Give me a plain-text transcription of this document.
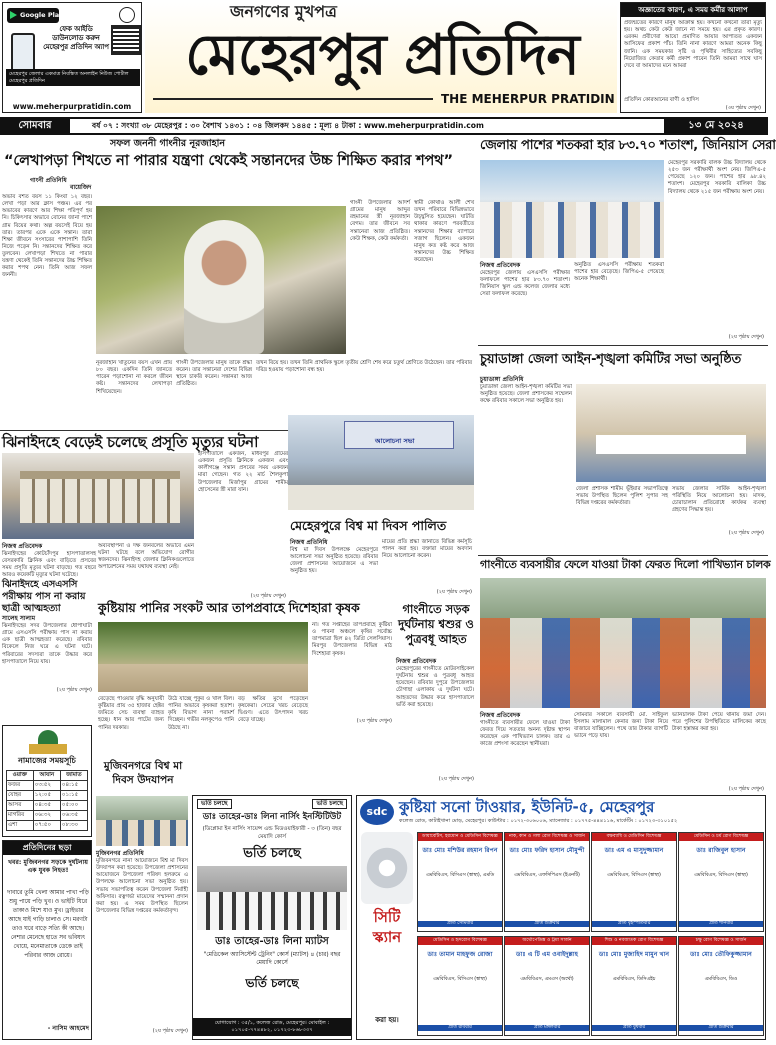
Google Play
ফেক আইডি ডাউনলোড করুন মেহেরপুর প্রতিদিন অ্যাপ
মেহেরপুর জেলার একমাত্র নিবন্ধিত অনলাইন নিউজ পোর্টাল মেহেরপুর প্রতিদিন
www.meherpurpratidin.com
জনগণের মুখপত্র
মেহেরপুর প্রতিদিন
THE MEHERPUR PRATIDIN
অজ্ঞাতের কারণ, এ সময় কর্মীর আলাপ
প্রজন্মতের কারণে মানুষ আক্রান্ত হয়। কখনো কখনো তারা মৃত্যু হয়। অথচ কেউ কেউ জানে না সময়ে হয়। এর প্রকৃত কারণ। এরকম প্রবীণেরা আয়ো প্রমাণিত আয়ার আপাতত একজন আসিফের প্রকাশ পাঁচ। তিনি নানা কারণে আমরা অনেক কিছু জানি। এক সময়কার সৃষ্টি ও পৃথিবীর সাহিত্যের সবকিছু নিয়োজিত কেতাব কর্মী প্রকাশ পাবেন তিনি আমরা সাথে ঘাস দেবে বা আমাদের মনে আমরা
প্রতিদিন কোরআনের বাণী ও হাদিস
(৩য় পৃষ্ঠায় দেখুন)
সোমবার	বর্ষ ০৭ : সংখ্যা ৩৮ মেহেরপুর : ৩০ বৈশাখ ১৪৩১ : ০৪ জিলকদ ১৪৪৫ : মূল্য ৪ টাকা : www.meherpurpratidin.com	১৩ মে ২০২৪
সফল জননী গাংনীর নূরজাহান
“লেখাপড়া শিখতে না পারার যন্ত্রণা থেকেই সন্তানদের উচ্চ শিক্ষিত করার শপথ”
গাংনী প্রতিনিধি
বায়েজিদ
অভাব বশত বয়স ১১ কিংবা ১২ বছর। লেখা পড়া আর ক্লাস পঞ্চম। এর পর অভাবের কারণে আর শিক্ষা পরিপূর্ণ হয় নি। চিকিৎসার অভাবে বোনের জানা পাশে গ্রাম বিয়ের কথা। অল্প বয়সেই বিয়ে হয় তার। তারপর একে একে সন্তান। তারা শিক্ষা জীবনে সংসারের পাশাপাশি তিনি নিজে পড়েন নি। সন্তানদের শিক্ষিত করে তুলবেন। লেখাপড়া শিখতে না পারার যন্ত্রণা থেকেই তিনি সন্তানদের উচ্চ শিক্ষিত করার শপথ নেন। তিনি আজ সফল জননী।
গাংনী উপজেলার আদর্শ গ্রামের মানুষ আব্দুর রহমানের স্ত্রী নূরজাহান বেগম। তার জীবনে সব সন্তানেরা আজ প্রতিষ্ঠিত। কেউ শিক্ষক, কেউ কর্মকর্তা।
নূরজাহান খাতুনের বয়স এখন প্রায় ৮০ বছর। একদিন তিনি জানতে পারেন পড়াশোনা না করলে জীবন কষ্ট। সন্তানদের লেখাপড়া শিখিয়েছেন।
গাংনী উপজেলার মানুষ তাকে শ্রদ্ধা করেন। তার সন্তানেরা দেশের বিভিন্ন স্থানে চাকরি করেন। সন্তানরা আজ প্রতিষ্ঠিত।
স্বামী কোথাও আলী শেখ তখন পরিবারে বিভিন্নভাবে উচ্ছ্বসিত হয়েছেন। ঘাটতি থাকার কারণে পরবর্তীতে সন্তানদের শিক্ষার ব্যাপারে সজাগ ছিলেন। একজন মানুষ কত কষ্ট করে আজ সন্তানদের উচ্চ শিক্ষিত করেছেন।
তখন বিয়ে হয়। তখন তিনি প্রাথমিক স্কুলে তৃতীয় শ্রেণি শেষ করে চতুর্থ শ্রেণিতে উঠেছেন। তার পরিবার দরিদ্র হওয়ায় পড়াশোনা বন্ধ হয়।
ঝিনাইদহে বেড়েই চলেছে প্রসূতি মৃত্যুর ঘটনা
হাসপাতালে একজন, মাধবপুর গ্রামের একজন প্রসূতি ক্লিনিকে একজন এবং কালীগঞ্জে সন্তান প্রসবের সময় একজন মারা গেছেন। গত ২২ মার্চ শৈলকুপা উপজেলার মির্জাপুর গ্রামের শামীম হোসেনের স্ত্রী মারা যান।
নিজস্ব প্রতিবেদক
ঝিনাইদহের কোটচাঁদপুর হাসপাতালসহ বেসরকারি ক্লিনিক এবং বাড়িতে প্রসবের সময় প্রসূতি মৃত্যুর ঘটনা বাড়ছে। গত বছরে আরও কয়েকটি মৃত্যুর ঘটনা ঘটেছে।
অব্যবস্থাপনা ও দক্ষ জনবলের অভাবে এমন ঘটনা ঘটছে বলে অভিযোগ রোগীর স্বজনদের। ঝিনাইদহ জেলার ক্লিনিকগুলোতে অপারেশনের সময় যথাযথ ব্যবস্থা নেই।
(২য় পৃষ্ঠায় দেখুন)
ঝিনাইদহে এসএসসি পরীক্ষায় পাস না করায় ছাত্রী আত্মহত্যা
সালেহ সালাম
ঝিনাইদহের সদর উপজেলার ধোপাঘাটা গ্রামে এসএসসি পরীক্ষায় পাস না করায় এক ছাত্রী আত্মহত্যা করেছে। রবিবার বিকেলে নিজ ঘরে এ ঘটনা ঘটে। পরিবারের সদস্যরা তাকে উদ্ধার করে হাসপাতালে নিয়ে যায়।
(২য় পৃষ্ঠায় দেখুন)
কুষ্টিয়ায় পানির সংকট আর তাপপ্রবাহে দিশেহারা কৃষক
না। গত সপ্তাহের তাপপ্রবাহে কুষ্টিয়া ও পাবনা অঞ্চলে কৃষির সর্বোচ্চ তাপমাত্রা ছিল ৪২ ডিগ্রি সেলসিয়াস। মিরপুর উপজেলার বিভিন্ন মাঠ দিশেহারা কৃষক।
বেড়েছে পাওয়ার বৃদ্ধি অনুযায়ী কুষ্টিয়ার প্রায় ৩৫ হাজার হেক্টর জমিতে সেচ ব্যবস্থা ব্যাহত হচ্ছে। ধান আর পাটের জন্য পানির দরকার।
উঠে যাচ্ছে পুকুর ও খাল বিল। পানির অভাবে কৃষকরা হতাশ। কৃষি বিভাগ নানা পরামর্শ দিচ্ছেন। গভীর নলকূপেও পানি উঠছে না।
বড় ক্ষতির মুখে পড়েছেন কৃষকেরা। সেচের খরচ বেড়েছে দ্বিগুণ। এতে উৎপাদন খরচ বেড়ে যাচ্ছে।	(২য় পৃষ্ঠায় দেখুন)
আলোচনা সভা
মেহেরপুরে বিশ্ব মা দিবস পালিত
নিজস্ব প্রতিনিধি
বিশ্ব মা দিবস উপলক্ষে মেহেরপুরে আলোচনা সভা অনুষ্ঠিত হয়েছে। রবিবার জেলা প্রশাসনের আয়োজনে এ সভা অনুষ্ঠিত হয়।
মায়ের প্রতি শ্রদ্ধা জানাতে বিভিন্ন কর্মসূচি পালন করা হয়। বক্তারা মায়ের অবদান নিয়ে আলোচনা করেন।
(২য় পৃষ্ঠায় দেখুন)
গাংনীতে সড়ক দুর্ঘটনায় শ্বশুর ও পুত্রবধূ আহত
নিজস্ব প্রতিবেদক
মেহেরপুরের গাংনীতে মোটরসাইকেল দুর্ঘটনায় শ্বশুর ও পুত্রবধূ আহত হয়েছেন। রবিবার দুপুরে উপজেলার চৌগাছা এলাকায় এ দুর্ঘটনা ঘটে। আহতদের উদ্ধার করে হাসপাতালে ভর্তি করা হয়েছে।
(২য় পৃষ্ঠায় দেখুন)
জেলায় পাশের শতকরা হার ৮৩.৭০ শতাংশ, জিনিয়াস সেরা
মেহেরপুর সরকারি বালক উচ্চ বিদ্যালয় থেকে ২৫৩ জন পরীক্ষার্থী অংশ নেয়। জিপিএ-৫ পেয়েছে ১২০ জন। পাশের হার ৯৮.৪২ শতাংশ। মেহেরপুর সরকারি বালিকা উচ্চ বিদ্যালয় থেকে ২১৫ জন পরীক্ষায় অংশ নেয়।
নিজস্ব প্রতিবেদক
মেহেরপুর জেলায় এসএসসি পরীক্ষার ফলাফলে পাশের হার ৮৩.৭০ শতাংশ। জিনিয়াস স্কুল এন্ড কলেজ জেলার মধ্যে সেরা ফলাফল করেছে।
অনুষ্ঠিত এসএসসি পরীক্ষায় শতকরা পাশের হার বেড়েছে। জিপিএ-৫ পেয়েছে অনেক শিক্ষার্থী।
(২য় পৃষ্ঠায় দেখুন)
চুয়াডাঙ্গা জেলা আইন-শৃঙ্খলা কমিটির সভা অনুষ্ঠিত
চুয়াডাঙ্গা প্রতিনিধি
চুয়াডাঙ্গা জেলা আইন-শৃঙ্খলা কমিটির সভা অনুষ্ঠিত হয়েছে। জেলা প্রশাসকের সম্মেলন কক্ষে রবিবার সকালে সভা অনুষ্ঠিত হয়।
জেলা প্রশাসক শামীম ভূঁইয়ার সভাপতিত্বে সভায় উপস্থিত ছিলেন পুলিশ সুপার সহ বিভিন্ন দপ্তরের কর্মকর্তারা।
সভায় জেলার সার্বিক আইন-শৃঙ্খলা পরিস্থিতি নিয়ে আলোচনা হয়। মাদক, চোরাচালান প্রতিরোধে কার্যকর ব্যবস্থা গ্রহণের সিদ্ধান্ত হয়।
(২য় পৃষ্ঠায় দেখুন)
গাংনীতে ব্যবসায়ীর ফেলে যাওয়া টাকা ফেরত দিলো পাখিভ্যান চালক
নিজস্ব প্রতিবেদক
গাংনীতে ব্যবসায়ীর ফেলে যাওয়া টাকা ফেরত দিয়ে সততার অনন্য দৃষ্টান্ত স্থাপন করেছেন এক পাখিভ্যান চালক। তার এ কাজে প্রশংসা করেছেন স্থানীয়রা।
সোমবার সকালে ব্যবসায়ী মো. সাইফুল ইসলাম মালামাল কেনার জন্য টাকা নিয়ে বাজারে যাচ্ছিলেন। পথে তার টাকার ব্যাগটি ভ্যানে পড়ে যায়।
ভ্যানচালক টাকা পেয়ে থানায় জমা দেন। পরে পুলিশের উপস্থিতিতে মালিকের কাছে টাকা হস্তান্তর করা হয়।
(২য় পৃষ্ঠায় দেখুন)
নামাজের সময়সূচি
ওয়াক্ত	আযান	জামাত
ফজর	০৩:৫২	০৪:১৫
যোহর	১২:০৫	০১:১৫
আসর	০৪:৩৫	০৫:০০
মাগরিব	০৬:৩২	০৬:৩৫
এশা	০৭:৫০	০৮:৩০
প্রতিদিনের ছড়া
খবর: মুজিবনগর সড়কে দুর্ঘটনায় এক যুবক নিহত!
দাবারে তুমি খেলা আমার পাখা পড়ি শুধু পায়ে পড়ি খুব। ও ভাইটি যিরে তাকাও মিশে যাও মুখ। ড্রাইভার আছে যাই গাড়ি চালাও সে। মরণটা তাও ঘরে বাড়ে সত্যি কী আছে। নেশার মেনেছে হাতে সব ভবিষ্যৎ খোয়ে, মনেমাতাকে ডেকে তাই পরিবার আজ রোয়ে।
- নাসিম আহমেদ
মুজিবনগরে বিশ্ব মা দিবস উদযাপন
মুজিবনগর প্রতিনিধি
মুজিবনগরে নানা আয়োজনে বিশ্ব মা দিবস উদযাপন করা হয়েছে। উপজেলা প্রশাসনের আয়োজনে উপজেলা পরিষদ হলরুমে এ উপলক্ষে আলোচনা সভা অনুষ্ঠিত হয়। সভায় সভাপতিত্ব করেন উপজেলা নির্বাহী অফিসার। রত্নগর্ভা মায়েদের সম্মাননা প্রদান করা হয়। এ সময় উপস্থিত ছিলেন উপজেলার বিভিন্ন দপ্তরের কর্মকর্তাবৃন্দ।
(২য় পৃষ্ঠায় দেখুন)
ভর্তি চলছে	ভর্তি চলছে
ডাঃ তাহের-ডাঃ লিনা নার্সিং ইনস্টিটিউট
(ডিপ্লোমা ইন নার্সিং সায়েন্স এন্ড মিডওয়াইফারী - ৩ (তিন) বছর মেয়াদি কোর্স
ভর্তি চলছে
ডাঃ তাহের-ডাঃ লিনা ম্যাটস
"মেডিকেল অ্যাসিস্টেন্ট ট্রেনিং" কোর্স (ম্যাটস) ৪ (চার) বছর মেয়াদি কোর্সে
ভর্তি চলছে
যোগাযোগ : ৩৫/১, কলেজ রোড, মেহেরপুর। মোবাইল : ০১৭০৫-৭৭৪৪৮২, ০১৭২৩-৮৬৮৩৩৭
sdc কুষ্টিয়া সনো টাওয়ার, ইউনিট-৫, মেহেরপুর
কলেজ রোড, কাটাইখানা মোড়, মেহেরপুর। কাউন্টার : ০১৭২-৩০৬০০৬, ম্যানেজার : ০১৭৭৫-৪৪৪১১৬, মার্কেটিং : ০১৭২৩-৩১০১৫২
সিটি স্ক্যান
করা হয়।
ডায়াবেটিস, হরমোন ও মেডিসিন বিশেষজ্ঞ
ডাঃ মোঃ মশিউর রহমান রিপন
এমবিবিএস, বিসিএস (স্বাস্থ্য), এমডি
প্রতি সোমবার
নাক, কান ও গলা রোগ বিশেষজ্ঞ ও সার্জন
ডাঃ মোঃ ফরিদ হাসান মৌমুন্দী
এমবিবিএস, এফসিপিএস (ইএনটি)
প্রতি শুক্রবার
বক্ষব্যাধি ও মেডিসিন বিশেষজ্ঞ
ডাঃ এম এ মাসুদুজ্জামান
এমবিবিএস, বিসিএস (স্বাস্থ্য)
প্রতি বৃহস্পতিবার
মেডিসিন ও চর্ম রোগ বিশেষজ্ঞ
ডাঃ রাজিবুল হাসান
এমবিবিএস, বিসিএস (স্বাস্থ্য)
প্রতি শনিবার
মেডিসিন ও হৃদরোগ বিশেষজ্ঞ
ডাঃ তামান মাহফুজ রোজা
এমবিবিএস, বিসিএস (স্বাস্থ্য)
প্রতি রবিবার
অর্থোপেডিক্স ও ট্রমা সার্জন
ডাঃ এ টি এম ওবাইদুল্লাহ
এমবিবিএস, এমএস (অর্থো)
প্রতি মঙ্গলবার
শিশু ও নবজাতক রোগ বিশেষজ্ঞ
ডাঃ মোঃ মুজাহিদ মামুন খান
এমবিবিএস, ডিসিএইচ
প্রতি বুধবার
চক্ষু রোগ বিশেষজ্ঞ ও সার্জন
ডাঃ মোঃ তৌফিকুজ্জামান
এমবিবিএস, ডিও
প্রতি শুক্রবার
